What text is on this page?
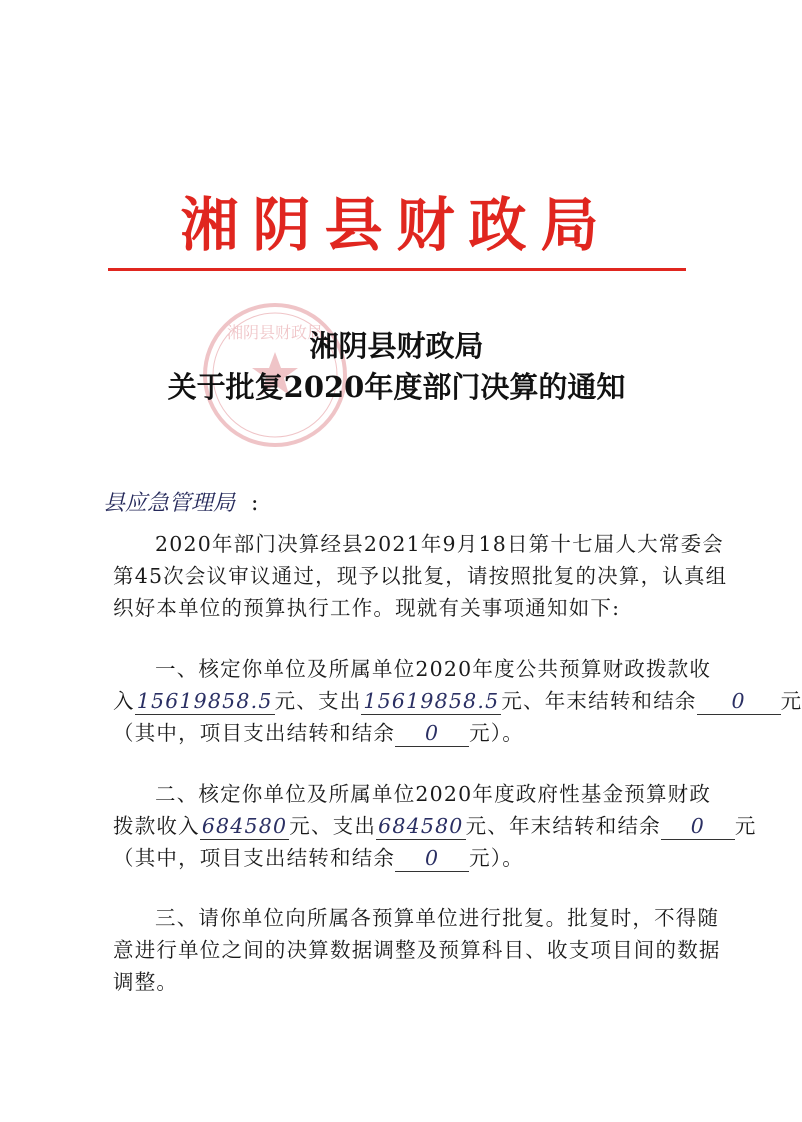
湘阴县财政局
湘阴县财政局
湘阴县财政局
关于批复2020年度部门决算的通知
县应急管理局 :
2020年部门决算经县2021年9月18日第十七届人大常委会
第45次会议审议通过，现予以批复，请按照批复的决算，认真组
织好本单位的预算执行工作。现就有关事项通知如下:
一、核定你单位及所属单位2020年度公共预算财政拨款收
入15619858.5元、支出15619858.5元、年末结转和结余 0 元
（其中，项目支出结转和结余 0 元）。
二、核定你单位及所属单位2020年度政府性基金预算财政
拨款收入684580元、支出684580元、年末结转和结余 0 元
（其中，项目支出结转和结余 0 元）。
三、请你单位向所属各预算单位进行批复。批复时，不得随
意进行单位之间的决算数据调整及预算科目、收支项目间的数据
调整。
